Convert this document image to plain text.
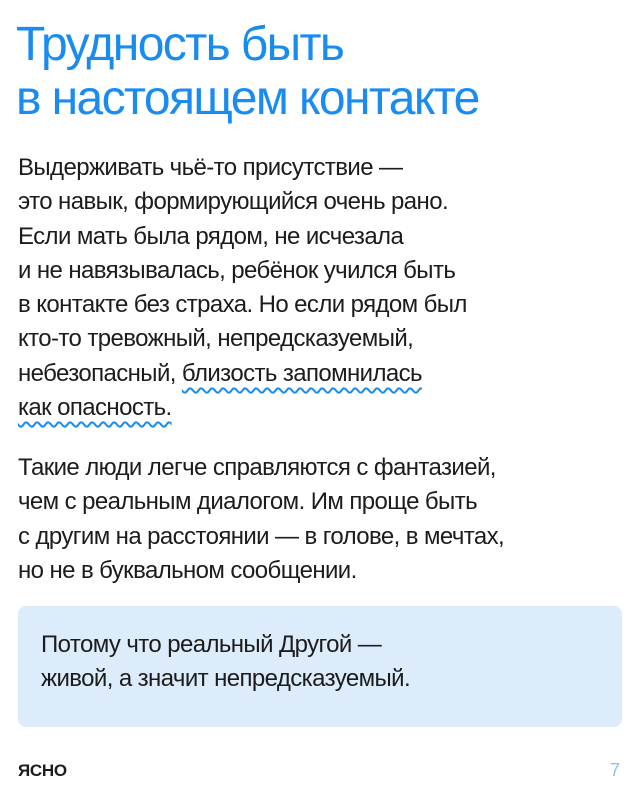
Трудность быть
в настоящем контакте
Выдерживать чьё-то присутствие —
это навык, формирующийся очень рано.
Если мать была рядом, не исчезала
и не навязывалась, ребёнок учился быть
в контакте без страха. Но если рядом был
кто-то тревожный, непредсказуемый,
небезопасный, близость запомнилась
как опасность.
Такие люди легче справляются с фантазией,
чем с реальным диалогом. Им проще быть
с другим на расстоянии — в голове, в мечтах,
но не в буквальном сообщении.
Потому что реальный Другой —
живой, а значит непредсказуемый.
ЯСНО	7
